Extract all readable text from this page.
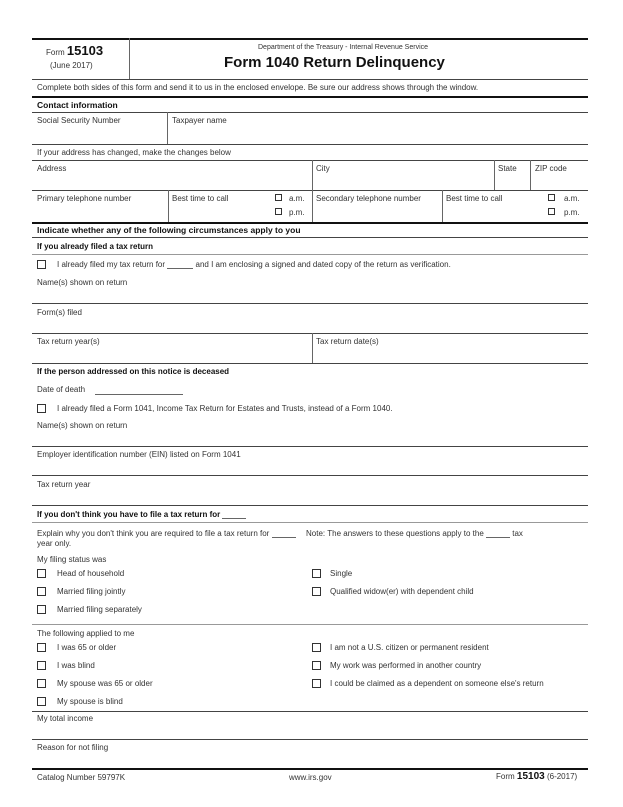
Form 15103
(June 2017)
Department of the Treasury - Internal Revenue Service
Form 1040 Return Delinquency
Complete both sides of this form and send it to us in the enclosed envelope. Be sure our address shows through the window.
Contact information
Social Security Number	Taxpayer name
If your address has changed, make the changes below
Address	City	State ZIP code
Primary telephone number	Best time to call	a.m.
p.m.
Secondary telephone number	Best time to call	a.m.
p.m.
Indicate whether any of the following circumstances apply to you
If you already filed a tax return
I already filed my tax return for	and I am enclosing a signed and dated copy of the return as verification.
Name(s) shown on return
Form(s) filed
Tax return year(s)	Tax return date(s)
If the person addressed on this notice is deceased
Date of death
I already filed a Form 1041, Income Tax Return for Estates and Trusts, instead of a Form 1040.
Name(s) shown on return
Employer identification number (EIN) listed on Form 1041
Tax return year
If you don't think you have to file a tax return for
Explain why you don't think you are required to file a tax return for	Note: The answers to these questions apply to the	tax
year only.
My filing status was
Head of household
Married filing jointly
Married filing separately
Single
Qualified widow(er) with dependent child
The following applied to me
I was 65 or older
I was blind
My spouse was 65 or older
My spouse is blind
I am not a U.S. citizen or permanent resident
My work was performed in another country
I could be claimed as a dependent on someone else's return
My total income
Reason for not filing
Catalog Number 59797K	www.irs.gov	Form 15103 (6-2017)
